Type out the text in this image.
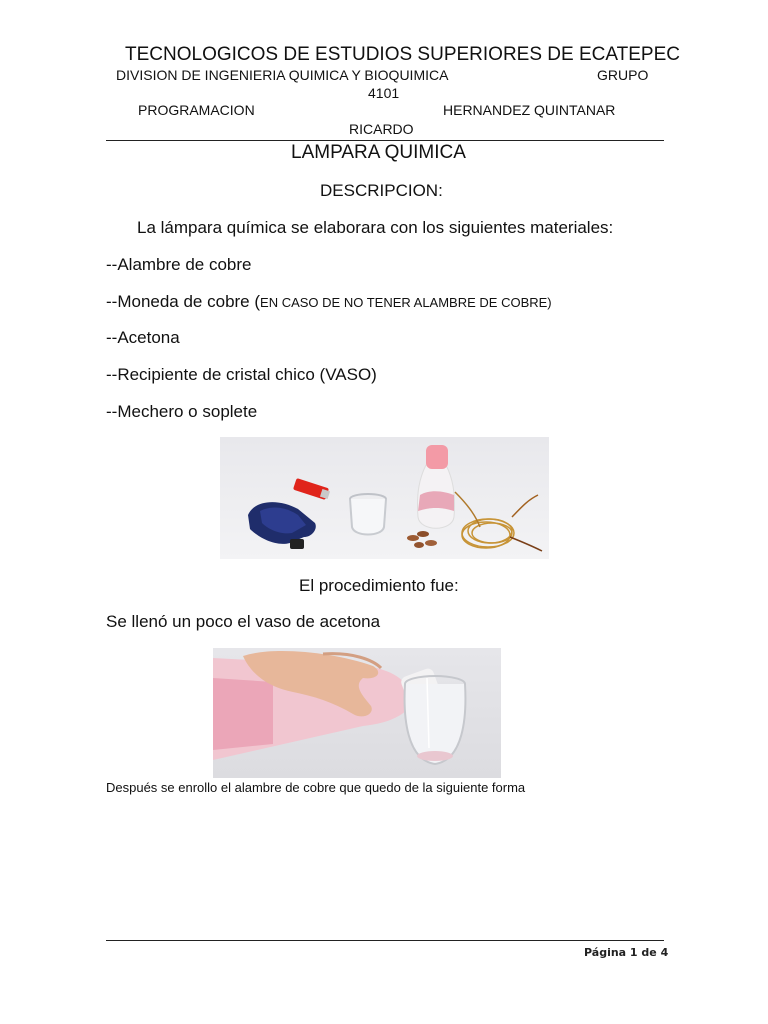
TECNOLOGICOS DE ESTUDIOS SUPERIORES DE ECATEPEC
DIVISION DE INGENIERIA QUIMICA Y BIOQUIMICA	GRUPO
4101
PROGRAMACION	HERNANDEZ QUINTANAR
RICARDO
LAMPARA QUIMICA
DESCRIPCION:
La lámpara química se elaborara con los siguientes materiales:
--Alambre de cobre
--Moneda de cobre (EN CASO DE NO TENER ALAMBRE DE COBRE)
--Acetona
--Recipiente de cristal chico (VASO)
--Mechero o soplete
El procedimiento fue:
Se llenó un poco el vaso de acetona
Después se enrollo el alambre de cobre que quedo de la siguiente forma
Página 1 de 4
